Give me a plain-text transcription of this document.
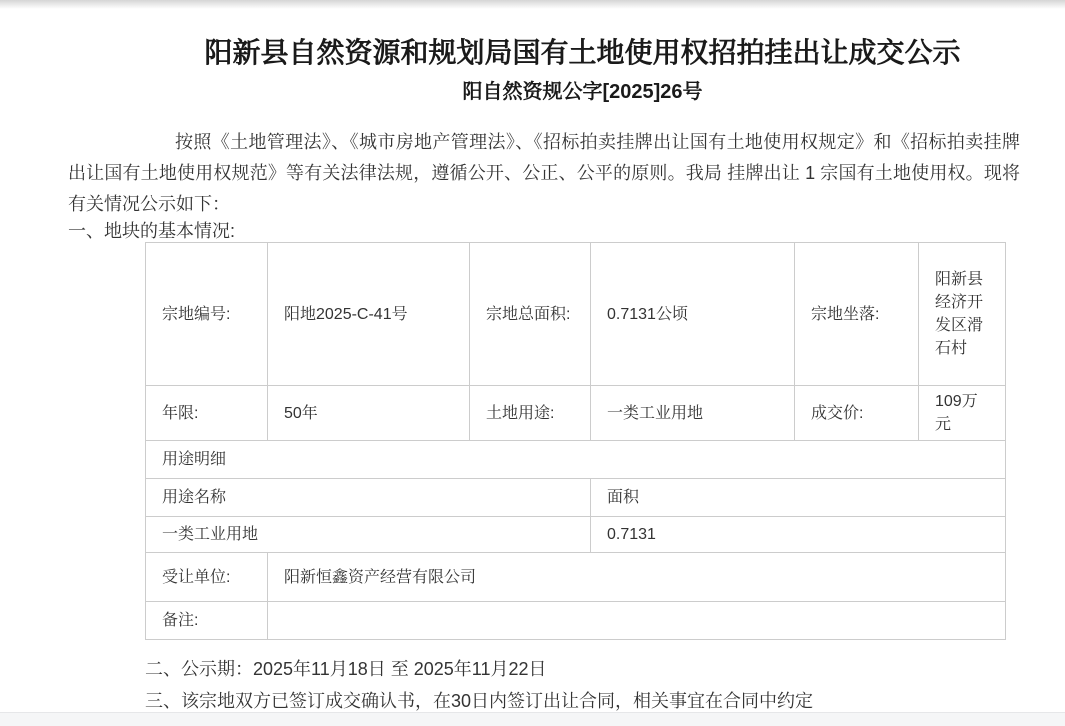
阳新县自然资源和规划局国有土地使用权招拍挂出让成交公示
阳自然资规公字[2025]26号

按照《土地管理法》、《城市房地产管理法》、《招标拍卖挂牌出让国有土地使用权规定》和《招标拍卖挂牌出让国有土地使用权规范》等有关法律法规，遵循公开、公正、公平的原则。我局 挂牌出让 1 宗国有土地使用权。现将有关情况公示如下：

一、地块的基本情况:
宗地编号:	阳地2025-C-41号	宗地总面积:	0.7131公顷	宗地坐落:	阳新县经济开发区滑石村
年限:	50年	土地用途:	一类工业用地	成交价:	109万元
用途明细					
用途名称			面积		
一类工业用地			0.7131		
受让单位:	阳新恒鑫资产经营有限公司				
备注:					

二、公示期：2025年11月18日 至 2025年11月22日

三、该宗地双方已签订成交确认书，在30日内签订出让合同，相关事宜在合同中约定
